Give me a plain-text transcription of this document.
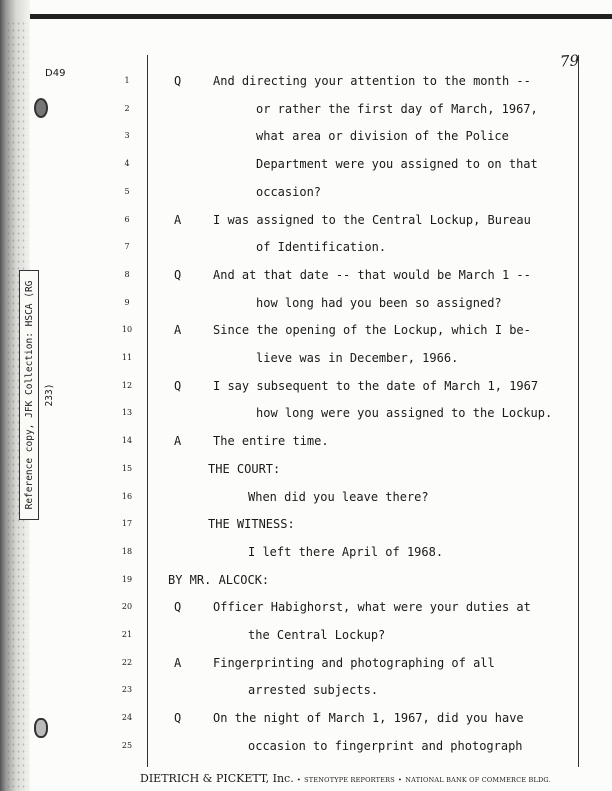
D49
79
Reference copy, JFK Collection: HSCA (RG 233)
1	Q	And directing your attention to the month --
2	or rather the first day of March, 1967,
3	what area or division of the Police
4	Department were you assigned to on that
5	occasion?
6	A	I was assigned to the Central Lockup, Bureau
7	of Identification.
8	Q	And at that date -- that would be March 1 --
9	how long had you been so assigned?
10	A	Since the opening of the Lockup, which I be-
11	lieve was in December, 1966.
12	Q	I say subsequent to the date of March 1, 1967
13	how long were you assigned to the Lockup.
14	A	The entire time.
15	THE COURT:
16	When did you leave there?
17	THE WITNESS:
18	I left there April of 1968.
19	BY MR. ALCOCK:
20	Q	Officer Habighorst, what were your duties at
21	the Central Lockup?
22	A	Fingerprinting and photographing of all
23	arrested subjects.
24	Q	On the night of March 1, 1967, did you have
25	occasion to fingerprint and photograph
DIETRICH & PICKETT, Inc. • STENOTYPE REPORTERS • NATIONAL BANK OF COMMERCE BLDG.
